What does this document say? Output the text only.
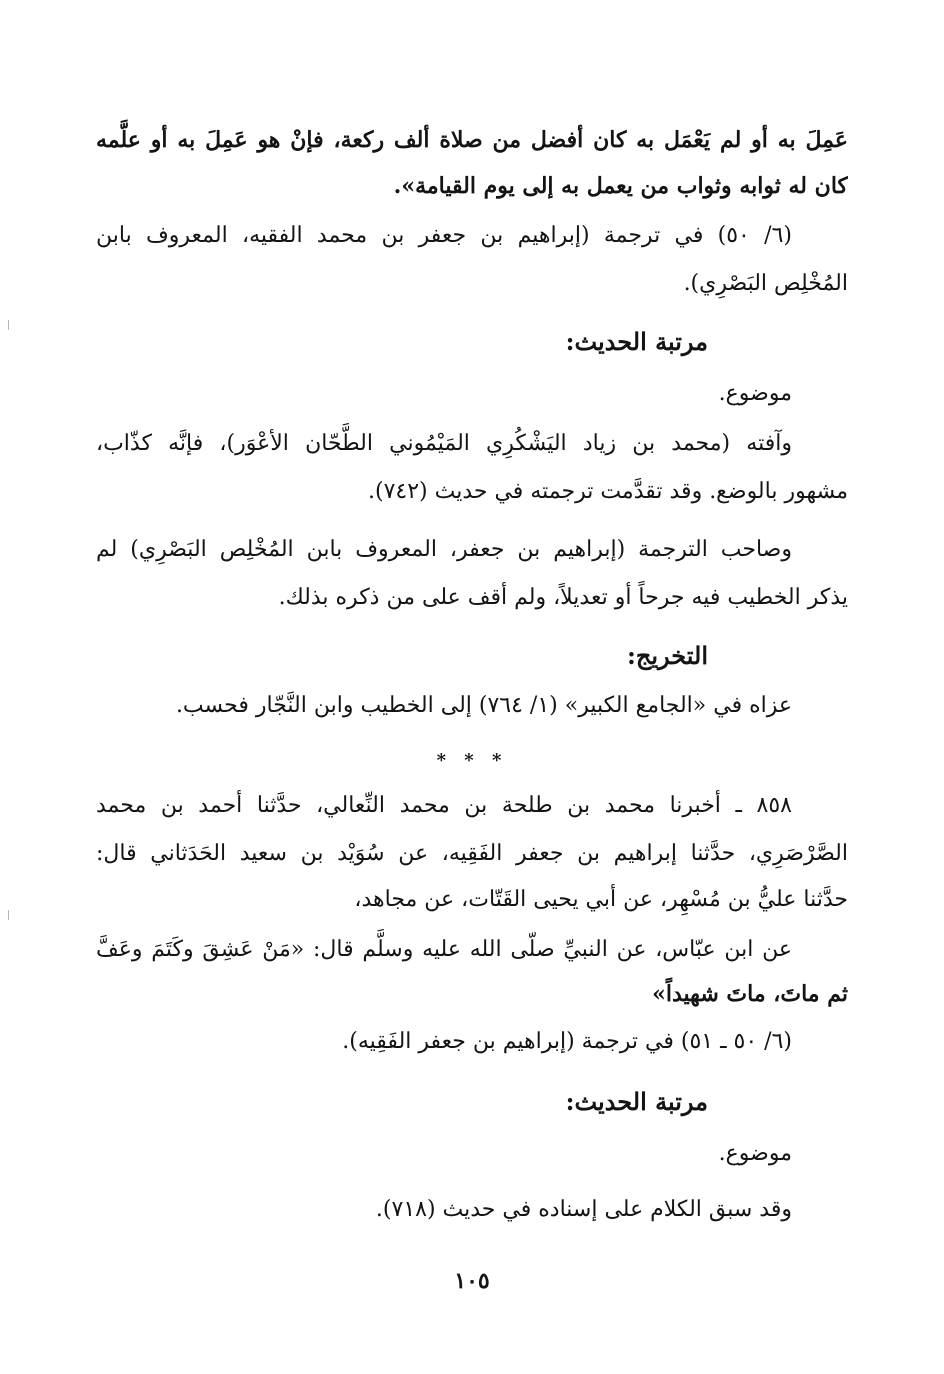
عَمِلَ به أو لم يَعْمَل به كان أفضل من صلاة ألف ركعة، فإنْ هو عَمِلَ به أو علَّمه
كان له ثوابه وثواب من يعمل به إلى يوم القيامة».
(٦/ ٥٠) في ترجمة (إبراهيم بن جعفر بن محمد الفقيه، المعروف بابن
المُخْلِص البَصْرِي).
مرتبة الحديث:
موضوع.
وآفته (محمد بن زياد اليَشْكُرِي المَيْمُوني الطَّحّان الأعْوَر)، فإنَّه كذّاب،
مشهور بالوضع. وقد تقدَّمت ترجمته في حديث (٧٤٢).
وصاحب الترجمة (إبراهيم بن جعفر، المعروف بابن المُخْلِص البَصْرِي) لم
يذكر الخطيب فيه جرحاً أو تعديلاً، ولم أقف على من ذكره بذلك.
التخريج:
عزاه في «الجامع الكبير» (١/ ٧٦٤) إلى الخطيب وابن النَّجّار فحسب.
* * *
٨٥٨ ـ أخبرنا محمد بن طلحة بن محمد النِّعالي، حدَّثنا أحمد بن محمد
الصَّرْصَرِي، حدَّثنا إبراهيم بن جعفر الفَقِيه، عن سُوَيْد بن سعيد الحَدَثاني قال:
حدَّثنا عليُّ بن مُسْهِر، عن أبي يحيى القَتّات، عن مجاهد،
عن ابن عبّاس، عن النبيِّ صلّى الله عليه وسلَّم قال: «مَنْ عَشِقَ وكَتَمَ وعَفَّ
ثم ماتَ، ماتَ شهيداً»
(٦/ ٥٠ ـ ٥١) في ترجمة (إبراهيم بن جعفر الفَقِيه).
مرتبة الحديث:
موضوع.
وقد سبق الكلام على إسناده في حديث (٧١٨).
١٠٥
